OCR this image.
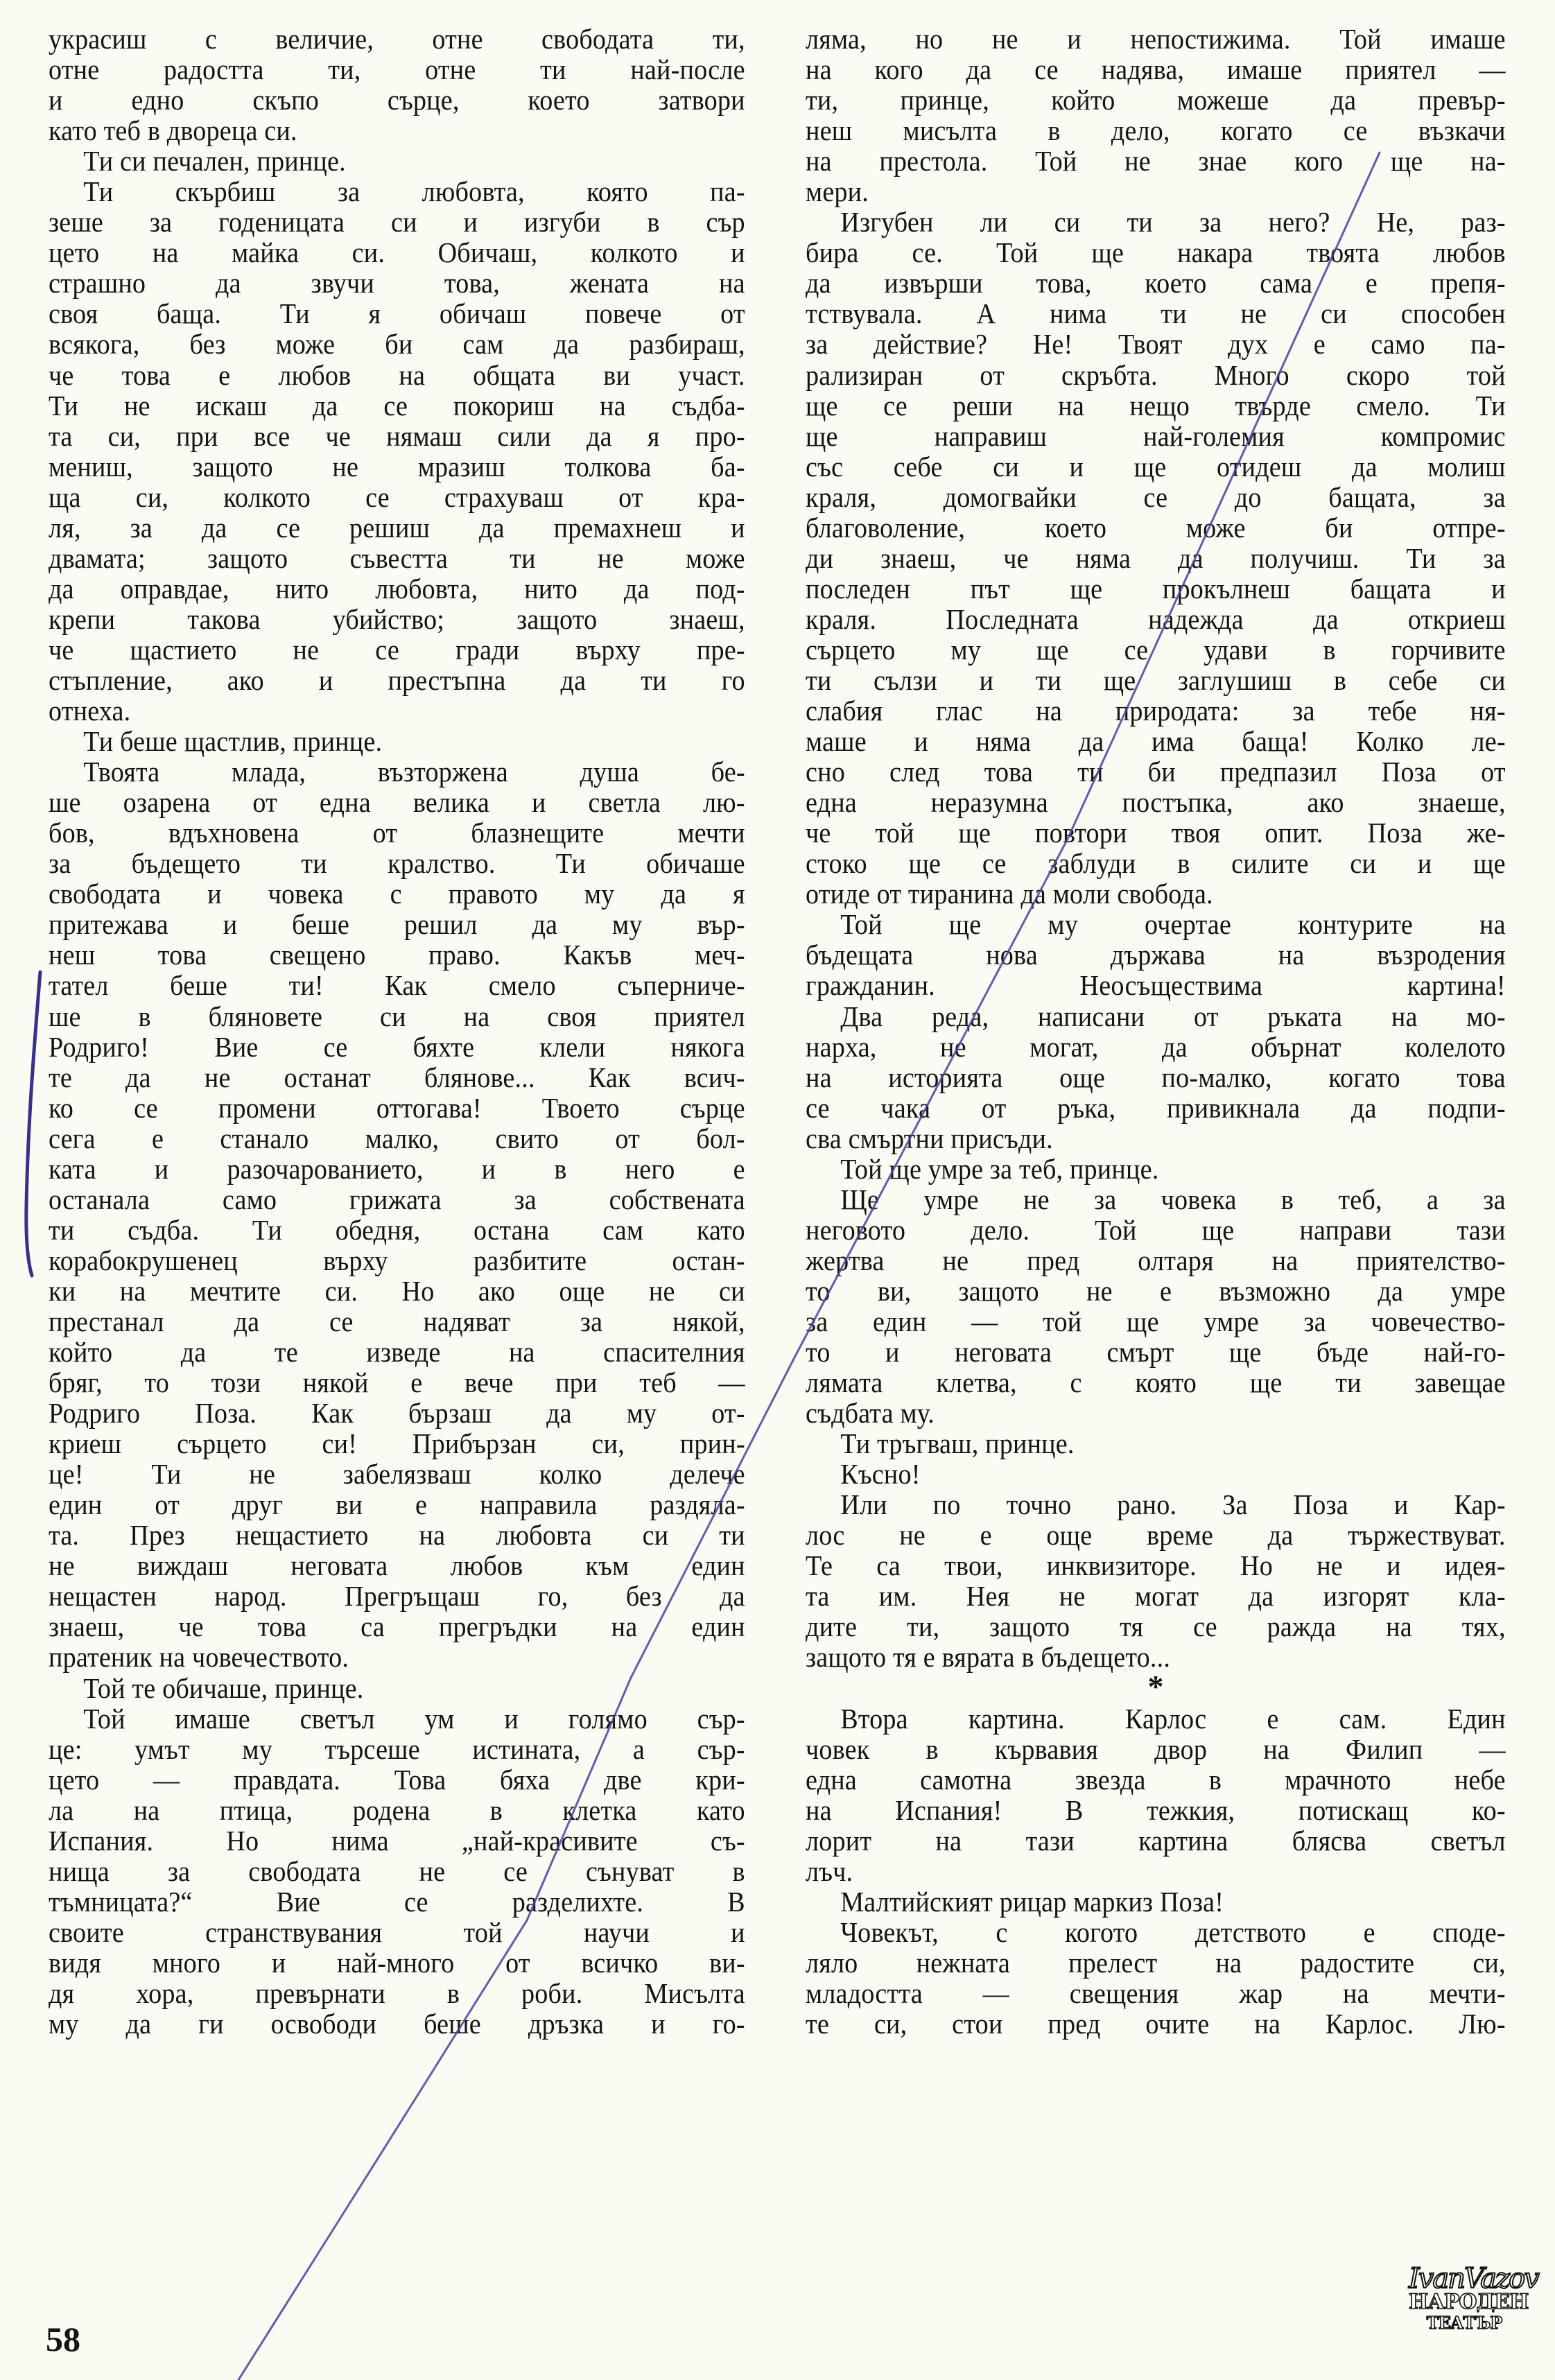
украсиш с величие, отне свободата ти,
отне радостта ти, отне ти най-после
и едно скъпо сърце, което затвори
като теб в двореца си.
Ти си печален, принце.
Ти скърбиш за любовта, която па-
зеше за годеницата си и изгуби в сър
цето на майка си. Обичаш, колкото и
страшно да звучи това, жената на
своя баща. Ти я обичаш повече от
всякога, без може би сам да разбираш,
че това е любов на общата ви участ.
Ти не искаш да се покориш на съдба-
та си, при все че нямаш сили да я про-
мениш, защото не мразиш толкова ба-
ща си, колкото се страхуваш от кра-
ля, за да се решиш да премахнеш и
двамата; защото съвестта ти не може
да оправдае, нито любовта, нито да под-
крепи такова убийство; защото знаеш,
че щастието не се гради върху пре-
стъпление, ако и престъпна да ти го
отнеха.
Ти беше щастлив, принце.
Твоята млада, възторжена душа бе-
ше озарена от една велика и светла лю-
бов, вдъхновена от блазнещите мечти
за бъдещето ти кралство. Ти обичаше
свободата и човека с правото му да я
притежава и беше решил да му вър-
неш това свещено право. Какъв меч-
тател беше ти! Как смело съперниче-
ше в бляновете си на своя приятел
Родриго! Вие се бяхте клели някога
те да не останат блянове... Как всич-
ко се промени оттогава! Твоето сърце
сега е станало малко, свито от бол-
ката и разочарованието, и в него е
останала само грижата за собствената
ти съдба. Ти обедня, остана сам като
корабокрушенец върху разбитите остан-
ки на мечтите си. Но ако още не си
престанал да се надяват за някой,
който да те изведе на спасителния
бряг, то този някой е вече при теб —
Родриго Поза. Как бързаш да му от-
криеш сърцето си! Прибързан си, прин-
це! Ти не забелязваш колко делече
един от друг ви е направила раздяла-
та. През нещастието на любовта си ти
не виждаш неговата любов към един
нещастен народ. Прегръщаш го, без да
знаеш, че това са прегръдки на един
пратеник на човечеството.
Той те обичаше, принце.
Той имаше светъл ум и голямо сър-
це: умът му търсеше истината, а сър-
цето — правдата. Това бяха две кри-
ла на птица, родена в клетка като
Испания. Но нима „най-красивите съ-
нища за свободата не се сънуват в
тъмницата?“ Вие се разделихте. В
своите странствувания той научи и
видя много и най-много от всичко ви-
дя хора, превърнати в роби. Мисълта
му да ги освободи беше дръзка и го-
ляма, но не и непостижима. Той имаше
на кого да се надява, имаше приятел —
ти, принце, който можеше да превър-
неш мисълта в дело, когато се възкачи
на престола. Той не знае кого ще на-
мери.
Изгубен ли си ти за него? Не, раз-
бира се. Той ще накара твоята любов
да извърши това, което сама е препя-
тствувала. А нима ти не си способен
за действие? Не! Твоят дух е само па-
рализиран от скръбта. Много скоро той
ще се реши на нещо твърде смело. Ти
ще направиш най-големия компромис
със себе си и ще отидеш да молиш
краля, домогвайки се до бащата, за
благоволение, което може би отпре-
ди знаеш, че няма да получиш. Ти за
последен път ще прокълнеш бащата и
краля. Последната надежда да откриеш
сърцето му ще се удави в горчивите
ти сълзи и ти ще заглушиш в себе си
слабия глас на природата: за тебе ня-
маше и няма да има баща! Колко ле-
сно след това ти би предпазил Поза от
една неразумна постъпка, ако знаеше,
че той ще повтори твоя опит. Поза же-
стоко ще се заблуди в силите си и ще
отиде от тиранина да моли свобода.
Той ще му очертае контурите на
бъдещата нова държава на възродения
гражданин. Неосъществима картина!
Два реда, написани от ръката на мо-
нарха, не могат, да обърнат колелото
на историята още по-малко, когато това
се чака от ръка, привикнала да подпи-
сва смъртни присъди.
Той ще умре за теб, принце.
Ще умре не за човека в теб, а за
неговото дело. Той ще направи тази
жертва не пред олтаря на приятелство-
то ви, защото не е възможно да умре
за един — той ще умре за човечество-
то и неговата смърт ще бъде най-го-
лямата клетва, с която ще ти завещае
съдбата му.
Ти тръгваш, принце.
Късно!
Или по точно рано. За Поза и Кар-
лос не е още време да тържествуват.
Те са твои, инквизиторе. Но не и идея-
та им. Нея не могат да изгорят кла-
дите ти, защото тя се ражда на тях,
защото тя е вярата в бъдещето...
*
Втора картина. Карлос е сам. Един
човек в кървавия двор на Филип —
една самотна звезда в мрачното небе
на Испания! В тежкия, потискащ ко-
лорит на тази картина блясва светъл
лъч.
Малтийският рицар маркиз Поза!
Човекът, с когото детството е споде-
ляло нежната прелест на радостите си,
младостта — свещения жар на мечти-
те си, стои пред очите на Карлос. Лю-
58
IvanVazov
НАРОДЕН
ТЕАТЪР
